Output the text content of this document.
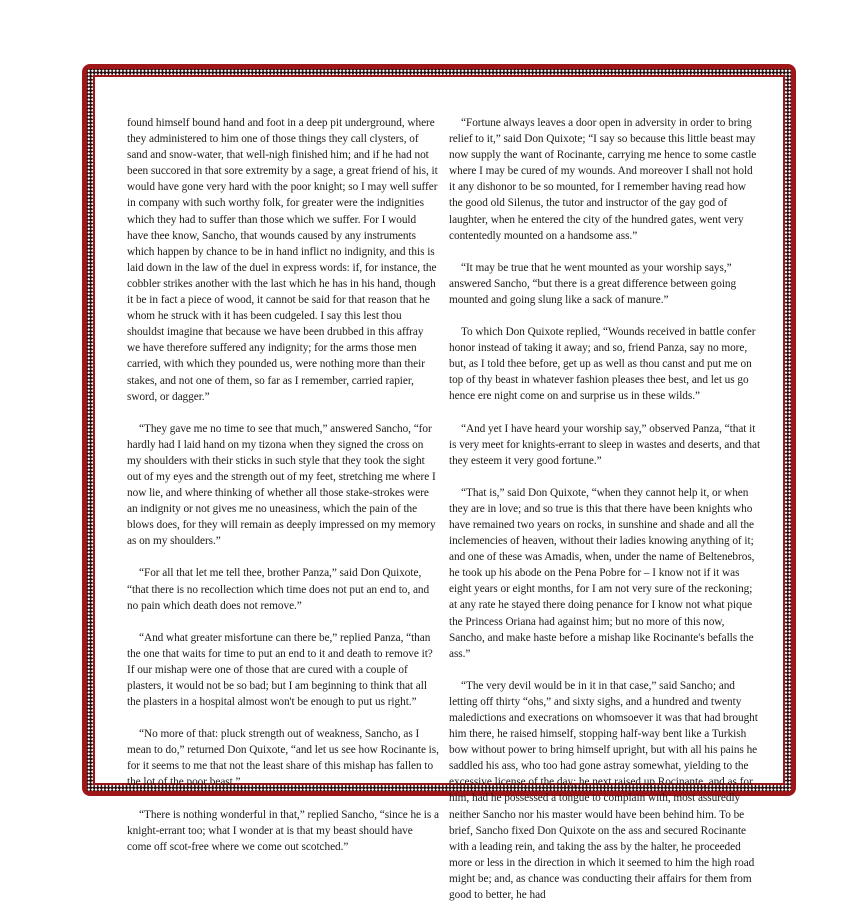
found himself bound hand and foot in a deep pit underground, where they administered to him one of those things they call clysters, of sand and snow-water, that well-nigh finished him; and if he had not been succored in that sore extremity by a sage, a great friend of his, it would have gone very hard with the poor knight; so I may well suffer in company with such worthy folk, for greater were the indignities which they had to suffer than those which we suffer. For I would have thee know, Sancho, that wounds caused by any instruments which happen by chance to be in hand inflict no indignity, and this is laid down in the law of the duel in express words: if, for instance, the cobbler strikes another with the last which he has in his hand, though it be in fact a piece of wood, it cannot be said for that reason that he whom he struck with it has been cudgeled. I say this lest thou shouldst imagine that because we have been drubbed in this affray we have therefore suffered any indignity; for the arms those men carried, with which they pounded us, were nothing more than their stakes, and not one of them, so far as I remember, carried rapier, sword, or dagger.”

“They gave me no time to see that much,” answered Sancho, “for hardly had I laid hand on my tizona when they signed the cross on my shoulders with their sticks in such style that they took the sight out of my eyes and the strength out of my feet, stretching me where I now lie, and where thinking of whether all those stake-strokes were an indignity or not gives me no uneasiness, which the pain of the blows does, for they will remain as deeply impressed on my memory as on my shoulders.”

“For all that let me tell thee, brother Panza,” said Don Quixote, “that there is no recollection which time does not put an end to, and no pain which death does not remove.”

“And what greater misfortune can there be,” replied Panza, “than the one that waits for time to put an end to it and death to remove it? If our mishap were one of those that are cured with a couple of plasters, it would not be so bad; but I am beginning to think that all the plasters in a hospital almost won't be enough to put us right.”

“No more of that: pluck strength out of weakness, Sancho, as I mean to do,” returned Don Quixote, “and let us see how Rocinante is, for it seems to me that not the least share of this mishap has fallen to the lot of the poor beast.”

“There is nothing wonderful in that,” replied Sancho, “since he is a knight-errant too; what I wonder at is that my beast should have come off scot-free where we come out scotched.”

“Fortune always leaves a door open in adversity in order to bring relief to it,” said Don Quixote; “I say so because this little beast may now supply the want of Rocinante, carrying me hence to some castle where I may be cured of my wounds. And moreover I shall not hold it any dishonor to be so mounted, for I remember having read how the good old Silenus, the tutor and instructor of the gay god of laughter, when he entered the city of the hundred gates, went very contentedly mounted on a handsome ass.”

“It may be true that he went mounted as your worship says,” answered Sancho, “but there is a great difference between going mounted and going slung like a sack of manure.”

To which Don Quixote replied, “Wounds received in battle confer honor instead of taking it away; and so, friend Panza, say no more, but, as I told thee before, get up as well as thou canst and put me on top of thy beast in whatever fashion pleases thee best, and let us go hence ere night come on and surprise us in these wilds.”

“And yet I have heard your worship say,” observed Panza, “that it is very meet for knights-errant to sleep in wastes and deserts, and that they esteem it very good fortune.”

“That is,” said Don Quixote, “when they cannot help it, or when they are in love; and so true is this that there have been knights who have remained two years on rocks, in sunshine and shade and all the inclemencies of heaven, without their ladies knowing anything of it; and one of these was Amadis, when, under the name of Beltenebros, he took up his abode on the Pena Pobre for – I know not if it was eight years or eight months, for I am not very sure of the reckoning; at any rate he stayed there doing penance for I know not what pique the Princess Oriana had against him; but no more of this now, Sancho, and make haste before a mishap like Rocinante's befalls the ass.”

“The very devil would be in it in that case,” said Sancho; and letting off thirty “ohs,” and sixty sighs, and a hundred and twenty maledictions and execrations on whomsoever it was that had brought him there, he raised himself, stopping half-way bent like a Turkish bow without power to bring himself upright, but with all his pains he saddled his ass, who too had gone astray somewhat, yielding to the excessive license of the day; he next raised up Rocinante, and as for him, had he possessed a tongue to complain with, most assuredly neither Sancho nor his master would have been behind him. To be brief, Sancho fixed Don Quixote on the ass and secured Rocinante with a leading rein, and taking the ass by the halter, he proceeded more or less in the direction in which it seemed to him the high road might be; and, as chance was conducting their affairs for them from good to better, he had
